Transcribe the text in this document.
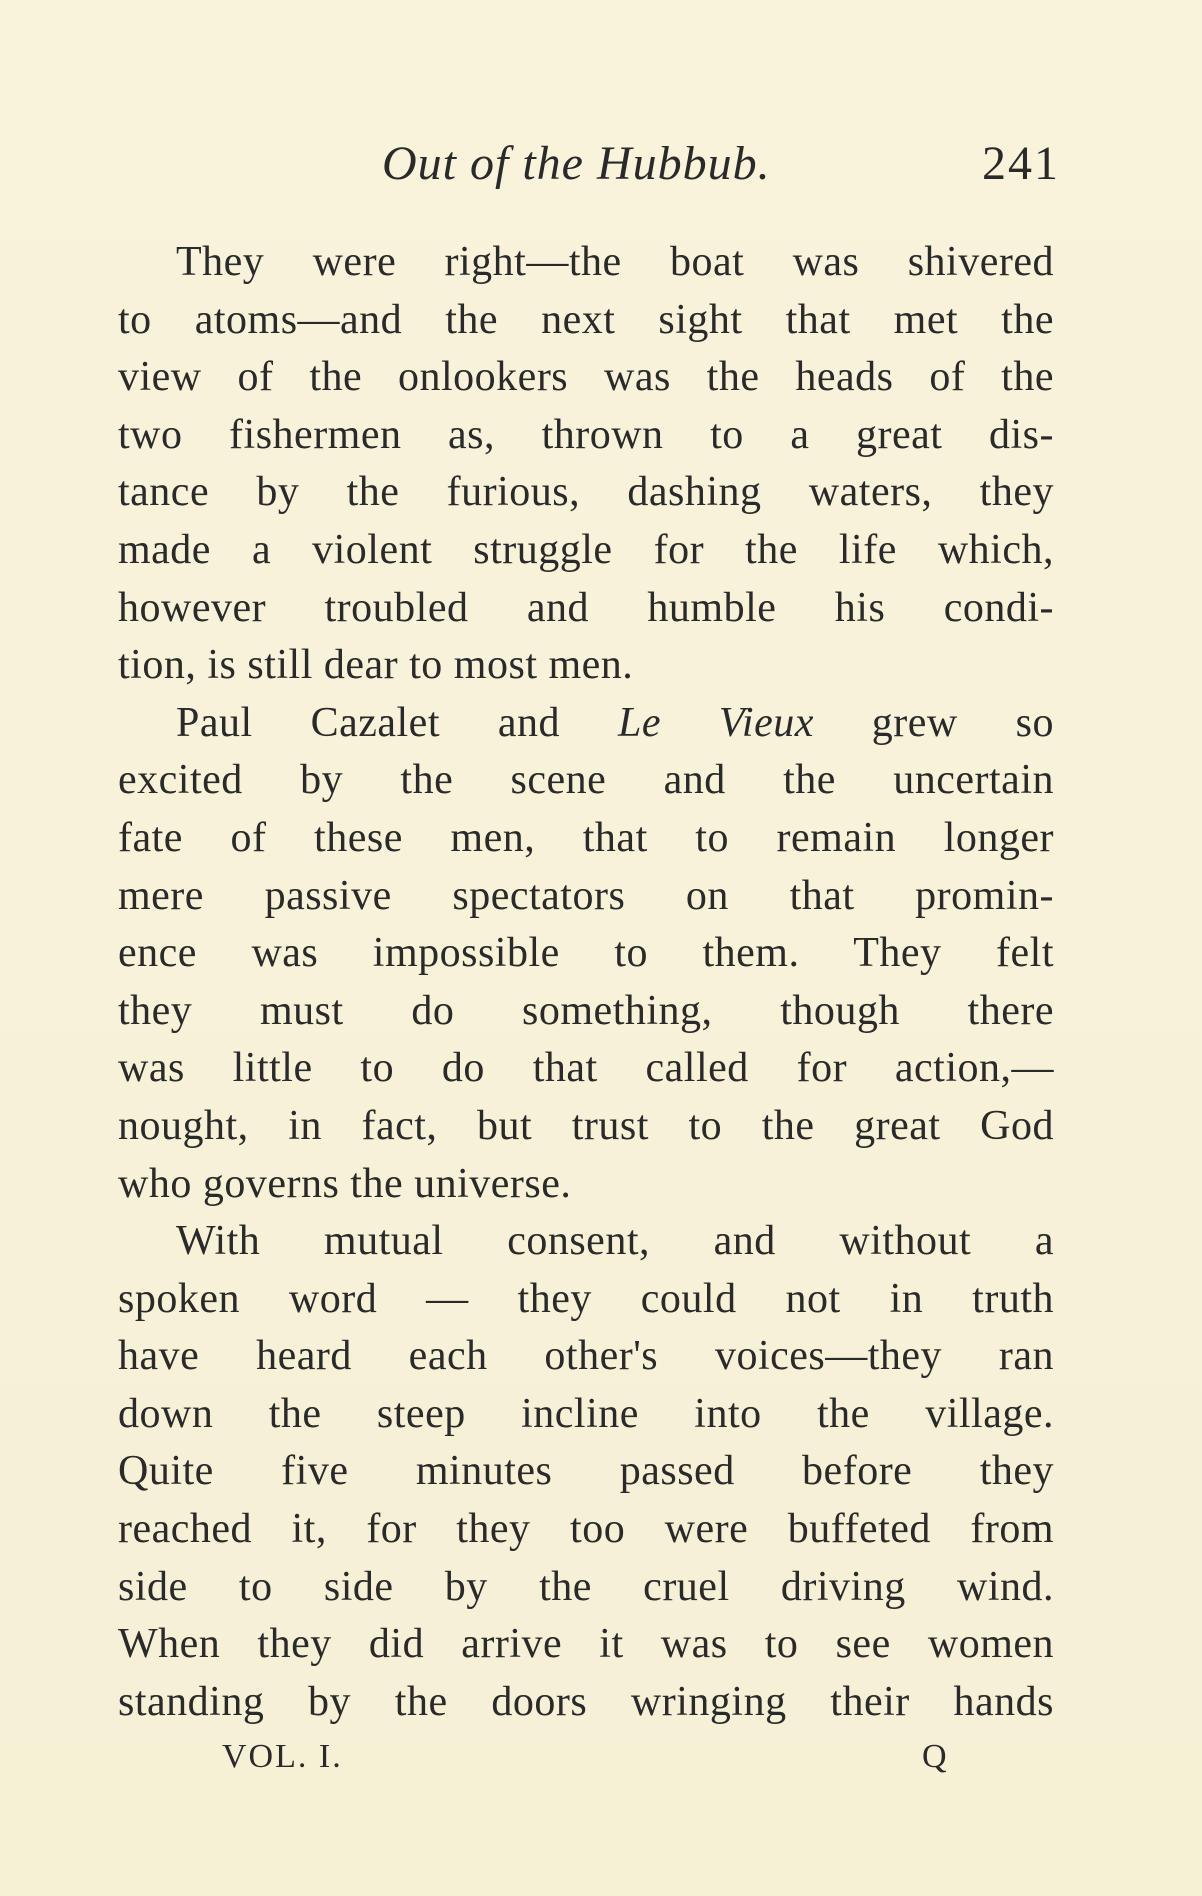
Out of the Hubbub.	241
They were right—the boat was shivered
to atoms—and the next sight that met the
view of the onlookers was the heads of the
two fishermen as, thrown to a great dis-
tance by the furious, dashing waters, they
made a violent struggle for the life which,
however troubled and humble his condi-
tion, is still dear to most men.
Paul Cazalet and Le Vieux grew so
excited by the scene and the uncertain
fate of these men, that to remain longer
mere passive spectators on that promin-
ence was impossible to them. They felt
they must do something, though there
was little to do that called for action,—
nought, in fact, but trust to the great God
who governs the universe.
With mutual consent, and without a
spoken word — they could not in truth
have heard each other's voices—they ran
down the steep incline into the village.
Quite five minutes passed before they
reached it, for they too were buffeted from
side to side by the cruel driving wind.
When they did arrive it was to see women
standing by the doors wringing their hands
VOL. I.	Q
